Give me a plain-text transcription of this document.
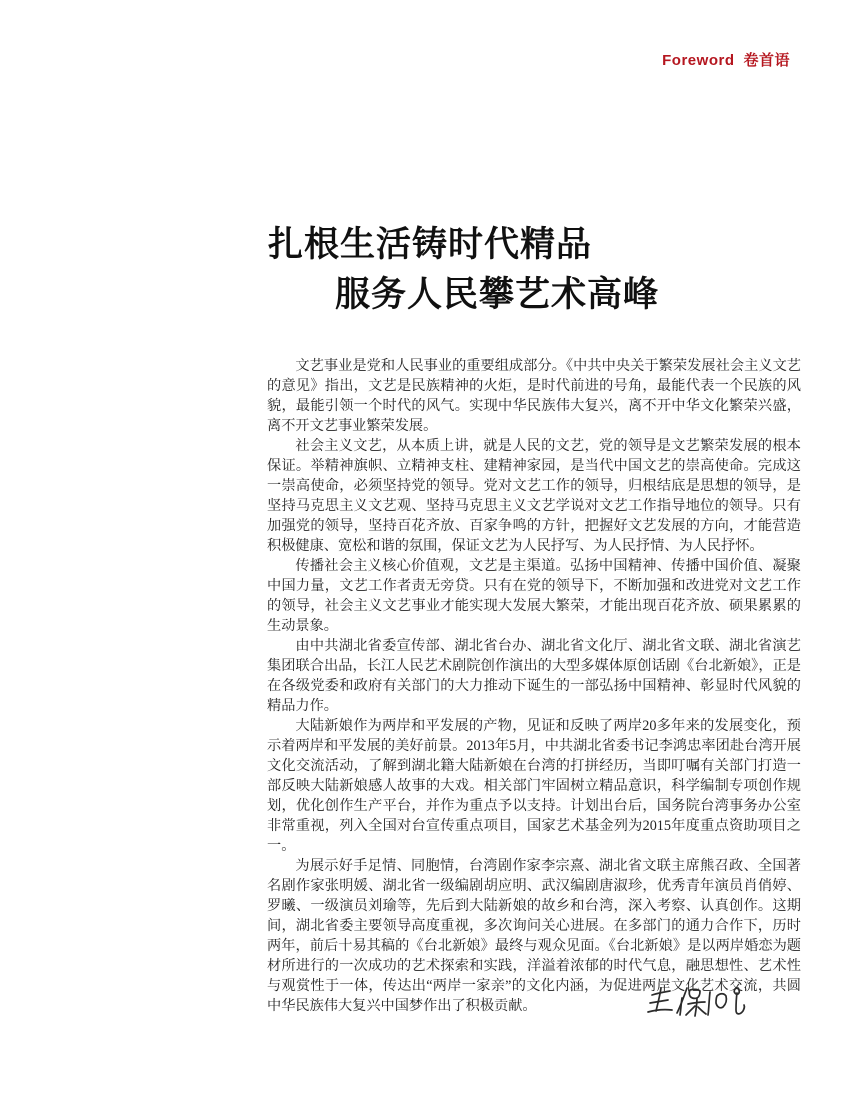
Foreword 卷首语
扎根生活铸时代精品
服务人民攀艺术高峰

文艺事业是党和人民事业的重要组成部分。《中共中央关于繁荣发展社会主义文艺的意见》指出，文艺是民族精神的火炬，是时代前进的号角，最能代表一个民族的风貌，最能引领一个时代的风气。实现中华民族伟大复兴，离不开中华文化繁荣兴盛，离不开文艺事业繁荣发展。

社会主义文艺，从本质上讲，就是人民的文艺，党的领导是文艺繁荣发展的根本保证。举精神旗帜、立精神支柱、建精神家园，是当代中国文艺的崇高使命。完成这一崇高使命，必须坚持党的领导。党对文艺工作的领导，归根结底是思想的领导，是坚持马克思主义文艺观、坚持马克思主义文艺学说对文艺工作指导地位的领导。只有加强党的领导，坚持百花齐放、百家争鸣的方针，把握好文艺发展的方向，才能营造积极健康、宽松和谐的氛围，保证文艺为人民抒写、为人民抒情、为人民抒怀。

传播社会主义核心价值观，文艺是主渠道。弘扬中国精神、传播中国价值、凝聚中国力量，文艺工作者责无旁贷。只有在党的领导下，不断加强和改进党对文艺工作的领导，社会主义文艺事业才能实现大发展大繁荣，才能出现百花齐放、硕果累累的生动景象。

由中共湖北省委宣传部、湖北省台办、湖北省文化厅、湖北省文联、湖北省演艺集团联合出品，长江人民艺术剧院创作演出的大型多媒体原创话剧《台北新娘》，正是在各级党委和政府有关部门的大力推动下诞生的一部弘扬中国精神、彰显时代风貌的精品力作。

大陆新娘作为两岸和平发展的产物，见证和反映了两岸20多年来的发展变化，预示着两岸和平发展的美好前景。2013年5月，中共湖北省委书记李鸿忠率团赴台湾开展文化交流活动，了解到湖北籍大陆新娘在台湾的打拼经历，当即叮嘱有关部门打造一部反映大陆新娘感人故事的大戏。相关部门牢固树立精品意识，科学编制专项创作规划，优化创作生产平台，并作为重点予以支持。计划出台后，国务院台湾事务办公室非常重视，列入全国对台宣传重点项目，国家艺术基金列为2015年度重点资助项目之一。

为展示好手足情、同胞情，台湾剧作家李宗熹、湖北省文联主席熊召政、全国著名剧作家张明媛、湖北省一级编剧胡应明、武汉编剧唐淑珍，优秀青年演员肖俏婷、罗曦、一级演员刘瑜等，先后到大陆新娘的故乡和台湾，深入考察、认真创作。这期间，湖北省委主要领导高度重视，多次询问关心进展。在多部门的通力合作下，历时两年，前后十易其稿的《台北新娘》最终与观众见面。《台北新娘》是以两岸婚恋为题材所进行的一次成功的艺术探索和实践，洋溢着浓郁的时代气息，融思想性、艺术性与观赏性于一体，传达出“两岸一家亲”的文化内涵，为促进两岸文化艺术交流，共圆中华民族伟大复兴中国梦作出了积极贡献。
